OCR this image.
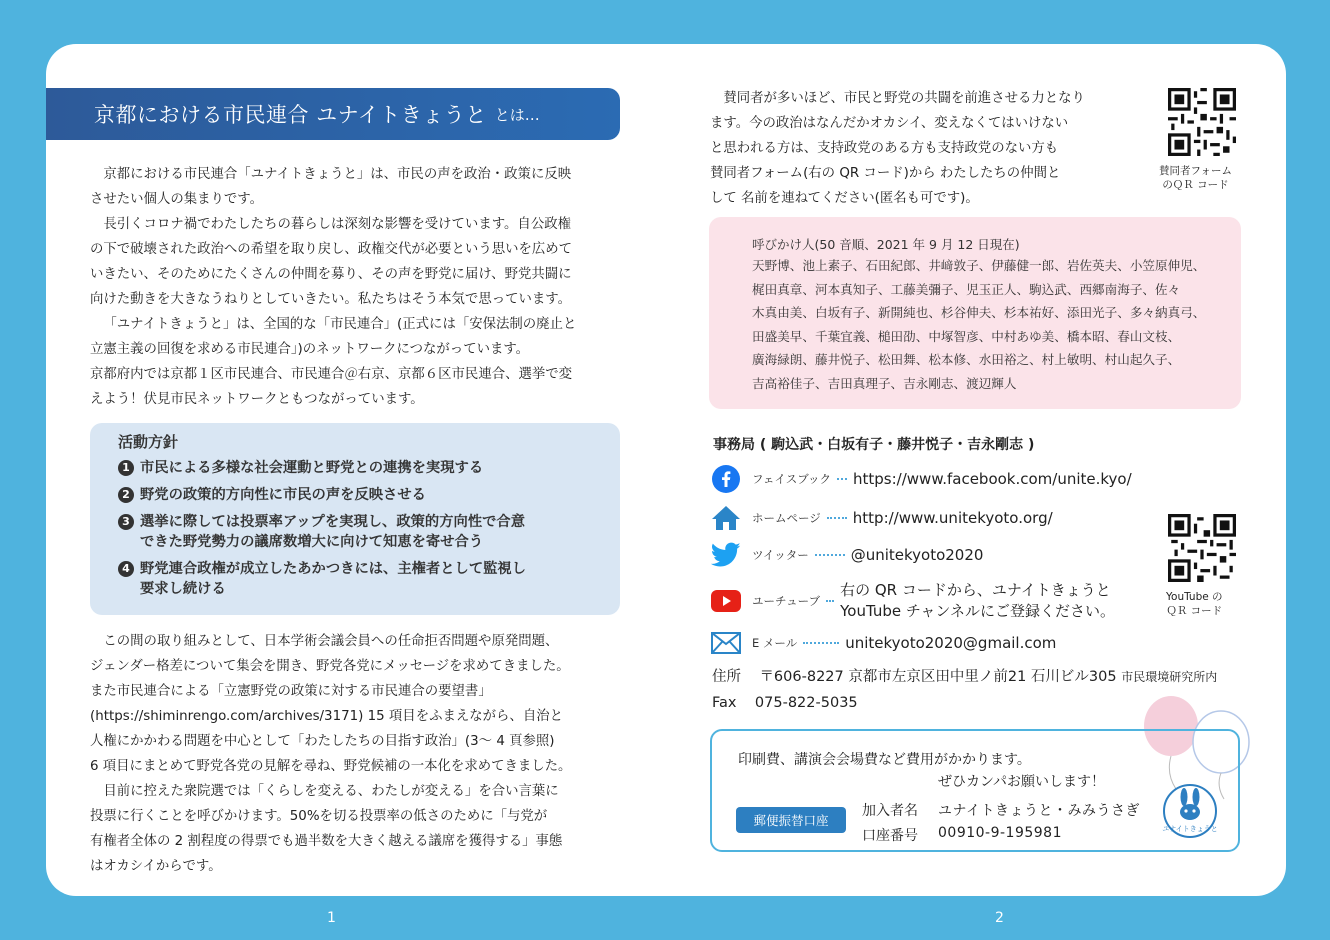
京都における市民連合 ユナイトきょうと とは…

京都における市民連合「ユナイトきょうと」は、市民の声を政治・政策に反映
させたい個人の集まりです。

長引くコロナ禍でわたしたちの暮らしは深刻な影響を受けています。自公政権
の下で破壊された政治への希望を取り戻し、政権交代が必要という思いを広めて
いきたい、そのためにたくさんの仲間を募り、その声を野党に届け、野党共闘に
向けた動きを大きなうねりとしていきたい。私たちはそう本気で思っています。

「ユナイトきょうと」は、全国的な「市民連合」(正式には「安保法制の廃止と
立憲主義の回復を求める市民連合」)のネットワークにつながっています。
京都府内では京都１区市民連合、市民連合＠右京、京都６区市民連合、選挙で変
えよう！伏見市民ネットワークともつながっています。

活動方針
1 市民による多様な社会運動と野党との連携を実現する
2 野党の政策的方向性に市民の声を反映させる
3 選挙に際しては投票率アップを実現し、政策的方向性で合意
できた野党勢力の議席数増大に向けて知恵を寄せ合う
4 野党連合政権が成立したあかつきには、主権者として監視し
要求し続ける

この間の取り組みとして、日本学術会議会員への任命拒否問題や原発問題、
ジェンダー格差について集会を開き、野党各党にメッセージを求めてきました。
また市民連合による「立憲野党の政策に対する市民連合の要望書」
(https://shiminrengo.com/archives/3171) 15 項目をふまえながら、自治と
人権にかかわる問題を中心として「わたしたちの目指す政治」(3～ 4 頁参照)
6 項目にまとめて野党各党の見解を尋ね、野党候補の一本化を求めてきました。

目前に控えた衆院選では「くらしを変える、わたしが変える」を合い言葉に
投票に行くことを呼びかけます。50%を切る投票率の低さのために「与党が
有権者全体の 2 割程度の得票でも過半数を大きく越える議席を獲得する」事態
はオカシイからです。

　賛同者が多いほど、市民と野党の共闘を前進させる力となり
ます。今の政治はなんだかオカシイ、変えなくてはいけない
と思われる方は、支持政党のある方も支持政党のない方も
賛同者フォーム(右の QR コード)から わたしたちの仲間と
して 名前を連ねてください(匿名も可です)。
賛同者フォーム
のＱＲ コード
呼びかけ人(50 音順、2021 年 9 月 12 日現在)
天野博、池上素子、石田紀郎、井﨑敦子、伊藤健一郎、岩佐英夫、小笠原伸児、
梶田真章、河本真知子、工藤美彌子、児玉正人、駒込武、西郷南海子、佐々
木真由美、白坂有子、新開純也、杉谷伸夫、杉本祐好、添田光子、多々納真弓、
田盛美早、千葉宜義、槌田劭、中塚智彦、中村あゆ美、橋本昭、春山文枝、
廣海緑朗、藤井悦子、松田舞、松本修、水田裕之、村上敏明、村山起久子、
吉高裕佳子、吉田真理子、吉永剛志、渡辺輝人
事務局 ( 駒込武・白坂有子・藤井悦子・吉永剛志 )
フェイスブック https://www.facebook.com/unite.kyo/
ホームページ http://www.unitekyoto.org/
ツイッター	@unitekyoto2020
ユーチューブ
右の QR コードから、ユナイトきょうと
YouTube チャンネルにご登録ください。
E メール	unitekyoto2020@gmail.com
YouTube の
ＱＲ コード
住所 〒606-8227 京都市左京区田中里ノ前21 石川ビル305 市民環境研究所内
Fax 075-822-5035
印刷費、講演会会場費など費用がかかります。
ぜひカンパお願いします！
郵便振替口座
加入者名 ユナイトきょうと・みみうさぎ
口座番号 00910-9-195981	ユナイトきょうと
1	2
